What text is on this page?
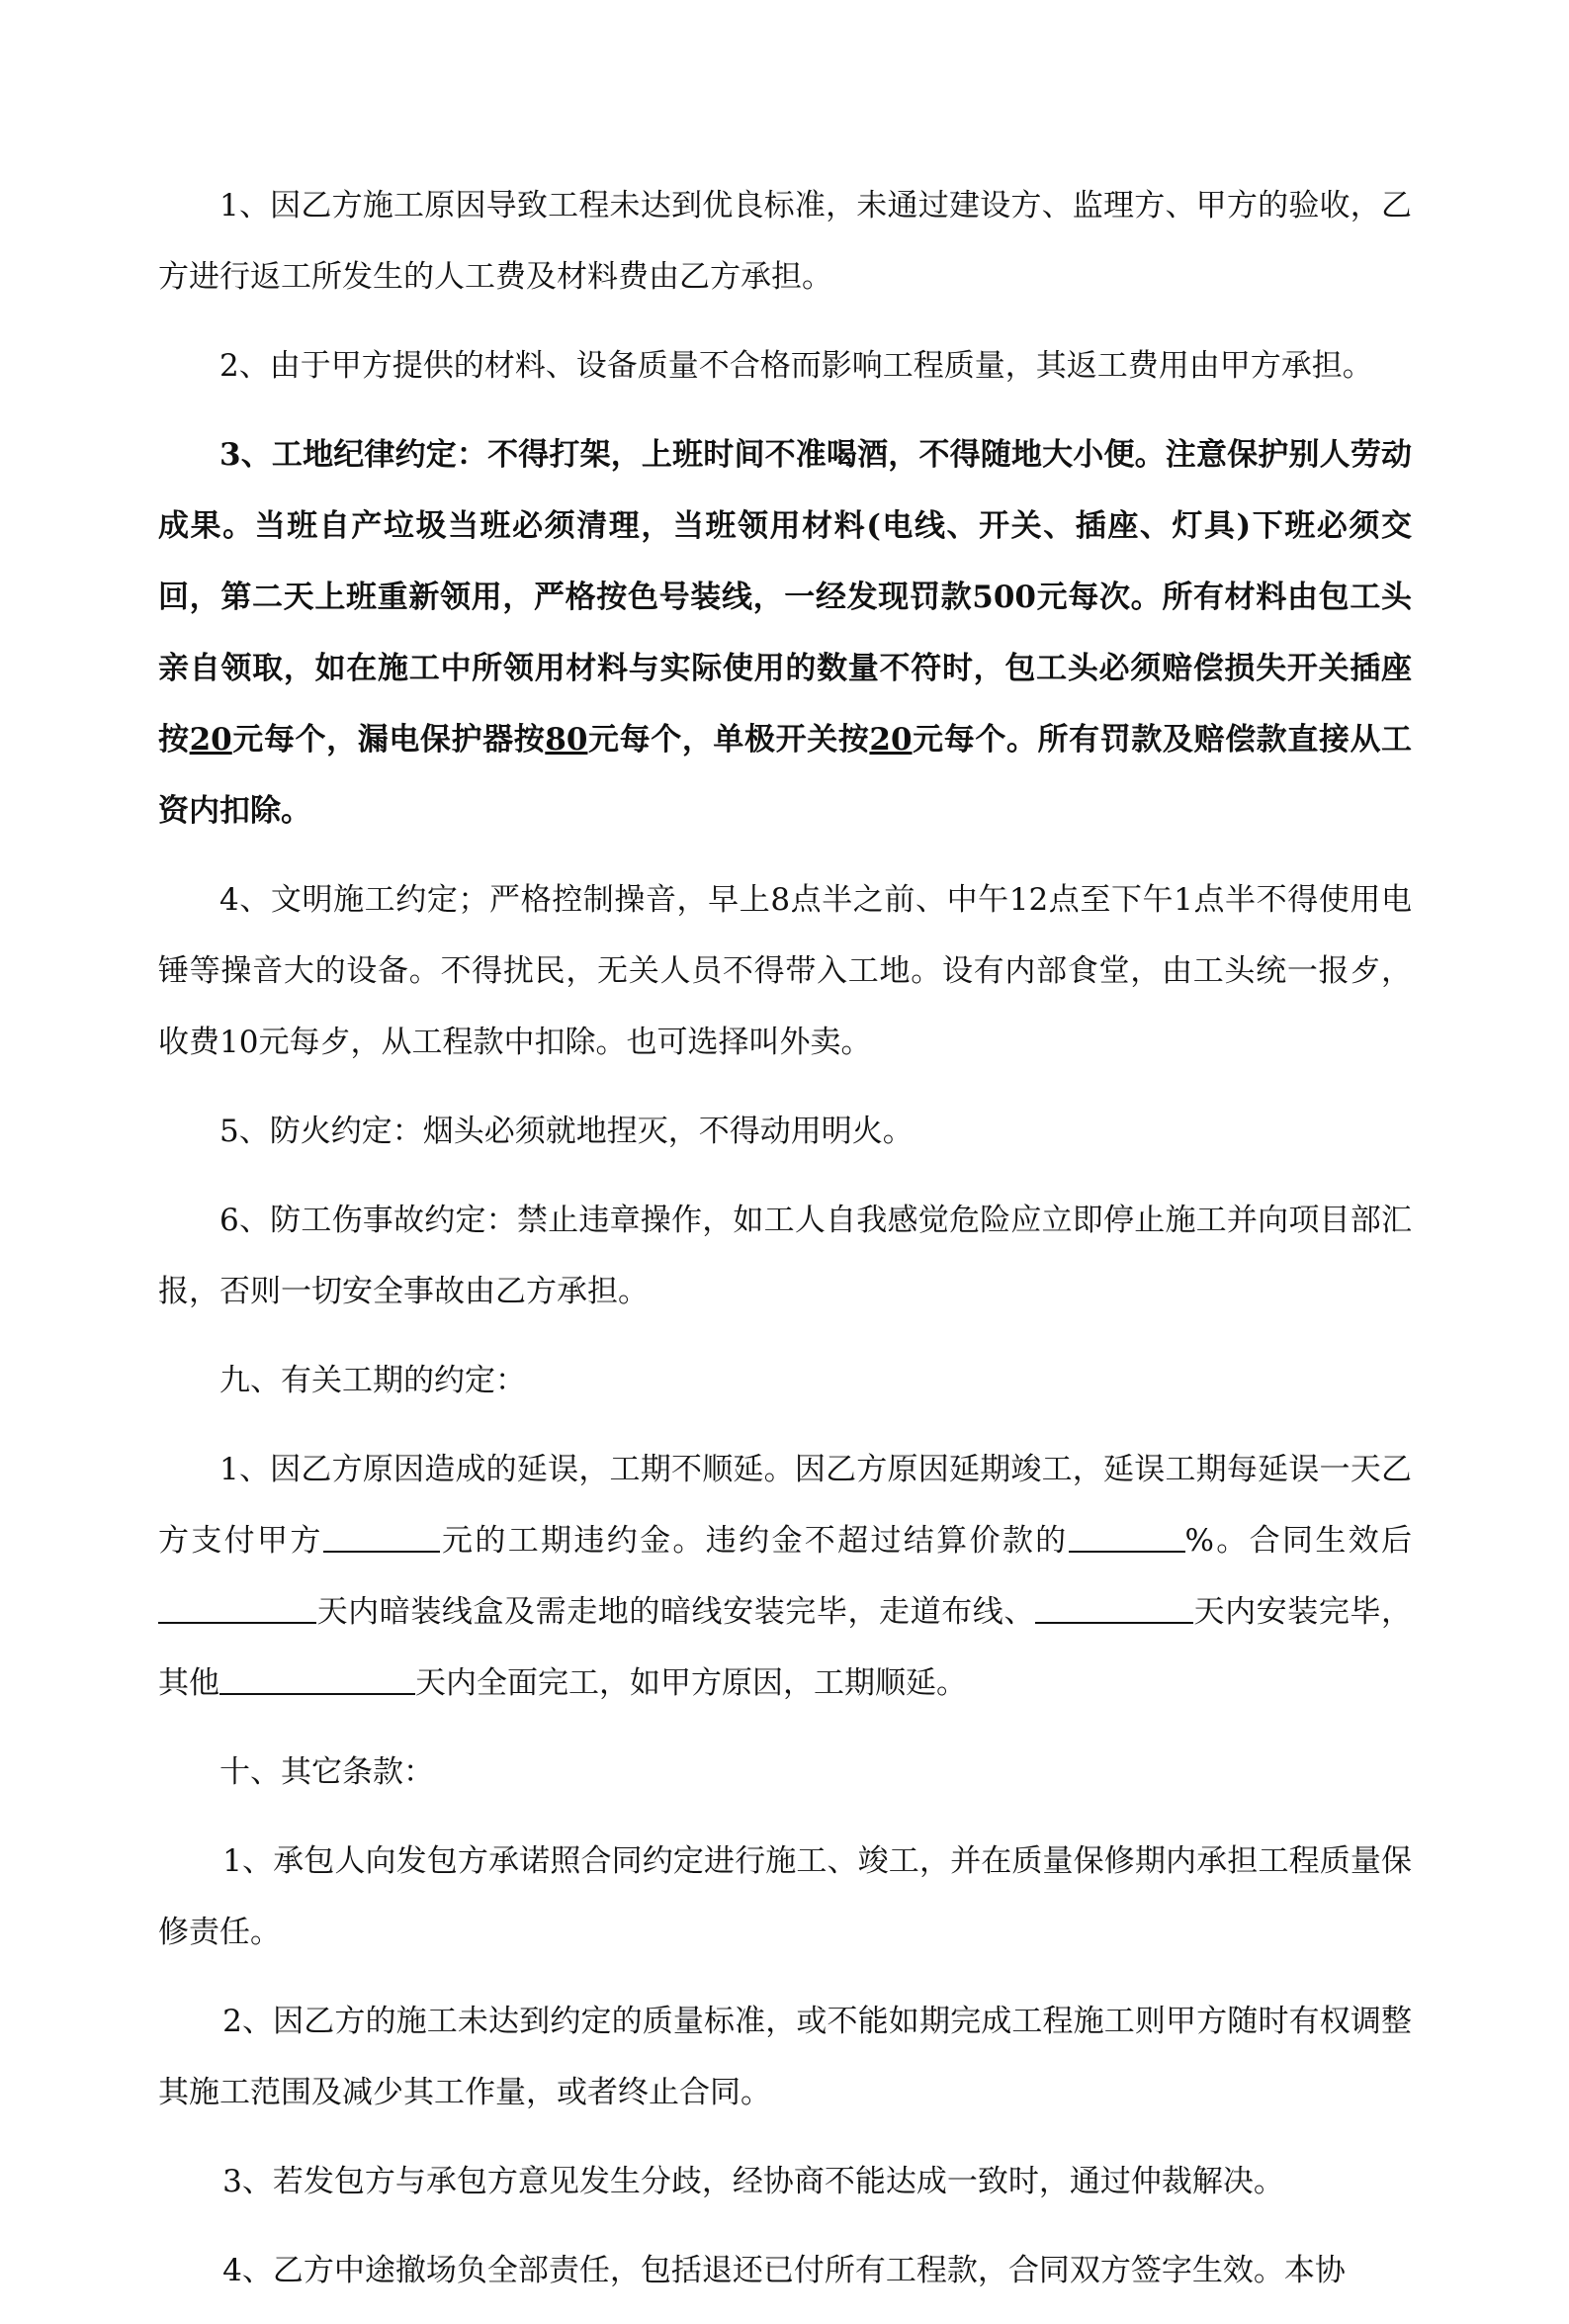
1、因乙方施工原因导致工程未达到优良标准，未通过建设方、监理方、甲方的验收，乙方进行返工所发生的人工费及材料费由乙方承担。

2、由于甲方提供的材料、设备质量不合格而影响工程质量，其返工费用由甲方承担。

3、工地纪律约定：不得打架，上班时间不准喝酒，不得随地大小便。注意保护别人劳动成果。当班自产垃圾当班必须清理，当班领用材料(电线、开关、插座、灯具)下班必须交回，第二天上班重新领用，严格按色号装线，一经发现罚款500元每次。所有材料由包工头亲自领取，如在施工中所领用材料与实际使用的数量不符时，包工头必须赔偿损失开关插座按20元每个，漏电保护器按80元每个，单极开关按20元每个。所有罚款及赔偿款直接从工资内扣除。

4、文明施工约定；严格控制操音，早上8点半之前、中午12点至下午1点半不得使用电锤等操音大的设备。不得扰民，无关人员不得带入工地。设有内部食堂，由工头统一报歺，收费10元每歺，从工程款中扣除。也可选择叫外卖。

5、防火约定：烟头必须就地捏灭，不得动用明火。

6、防工伤事故约定：禁止违章操作，如工人自我感觉危险应立即停止施工并向项目部汇报，否则一切安全事故由乙方承担。

九、有关工期的约定：

1、因乙方原因造成的延误，工期不顺延。因乙方原因延期竣工，延误工期每延误一天乙方支付甲方	元的工期违约金。违约金不超过结算价款的	%。合同生效后天内暗装线盒及需走地的暗线安装完毕，走道布线、	天内安装完毕，其他	天内全面完工，如甲方原因，工期顺延。

十、其它条款：

1、承包人向发包方承诺照合同约定进行施工、竣工，并在质量保修期内承担工程质量保修责任。

2、因乙方的施工未达到约定的质量标准，或不能如期完成工程施工则甲方随时有权调整其施工范围及减少其工作量，或者终止合同。

3、若发包方与承包方意见发生分歧，经协商不能达成一致时，通过仲裁解决。

4、乙方中途撤场负全部责任，包括退还已付所有工程款，合同双方签字生效。本协
